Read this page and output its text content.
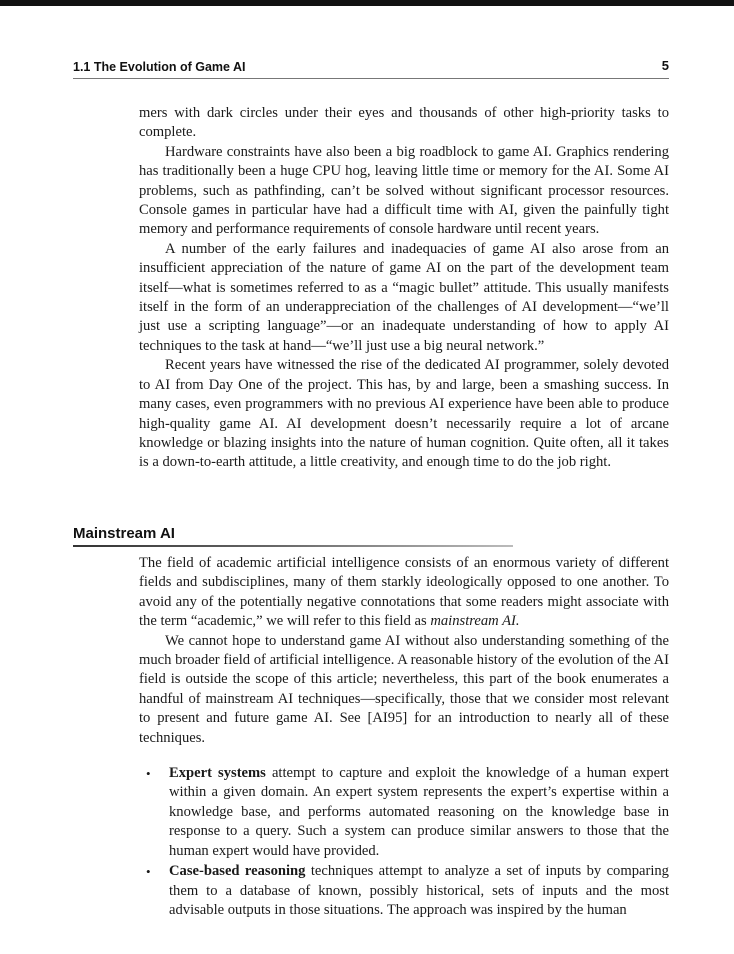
1.1 The Evolution of Game AI	5

mers with dark circles under their eyes and thousands of other high-priority tasks to complete.

Hardware constraints have also been a big roadblock to game AI. Graphics rendering has traditionally been a huge CPU hog, leaving little time or memory for the AI. Some AI problems, such as pathfinding, can’t be solved without significant processor resources. Console games in particular have had a difficult time with AI, given the painfully tight memory and performance requirements of console hardware until recent years.

A number of the early failures and inadequacies of game AI also arose from an insufficient appreciation of the nature of game AI on the part of the development team itself—what is sometimes referred to as a “magic bullet” attitude. This usually manifests itself in the form of an underappreciation of the challenges of AI development—“we’ll just use a scripting language”—or an inadequate understanding of how to apply AI techniques to the task at hand—“we’ll just use a big neural network.”

Recent years have witnessed the rise of the dedicated AI programmer, solely devoted to AI from Day One of the project. This has, by and large, been a smashing success. In many cases, even programmers with no previous AI experience have been able to produce high-quality game AI. AI development doesn’t necessarily require a lot of arcane knowledge or blazing insights into the nature of human cognition. Quite often, all it takes is a down-to-earth attitude, a little creativity, and enough time to do the job right.

Mainstream AI

The field of academic artificial intelligence consists of an enormous variety of different fields and subdisciplines, many of them starkly ideologically opposed to one another. To avoid any of the potentially negative connotations that some readers might associate with the term “academic,” we will refer to this field as mainstream AI.

We cannot hope to understand game AI without also understanding something of the much broader field of artificial intelligence. A reasonable history of the evolution of the AI field is outside the scope of this article; nevertheless, this part of the book enumerates a handful of mainstream AI techniques—specifically, those that we consider most relevant to present and future game AI. See [AI95] for an introduction to nearly all of these techniques.

• Expert systems attempt to capture and exploit the knowledge of a human expert within a given domain. An expert system represents the expert’s expertise within a knowledge base, and performs automated reasoning on the knowledge base in response to a query. Such a system can produce similar answers to those that the human expert would have provided.
• Case-based reasoning techniques attempt to analyze a set of inputs by comparing them to a database of known, possibly historical, sets of inputs and the most advisable outputs in those situations. The approach was inspired by the human
